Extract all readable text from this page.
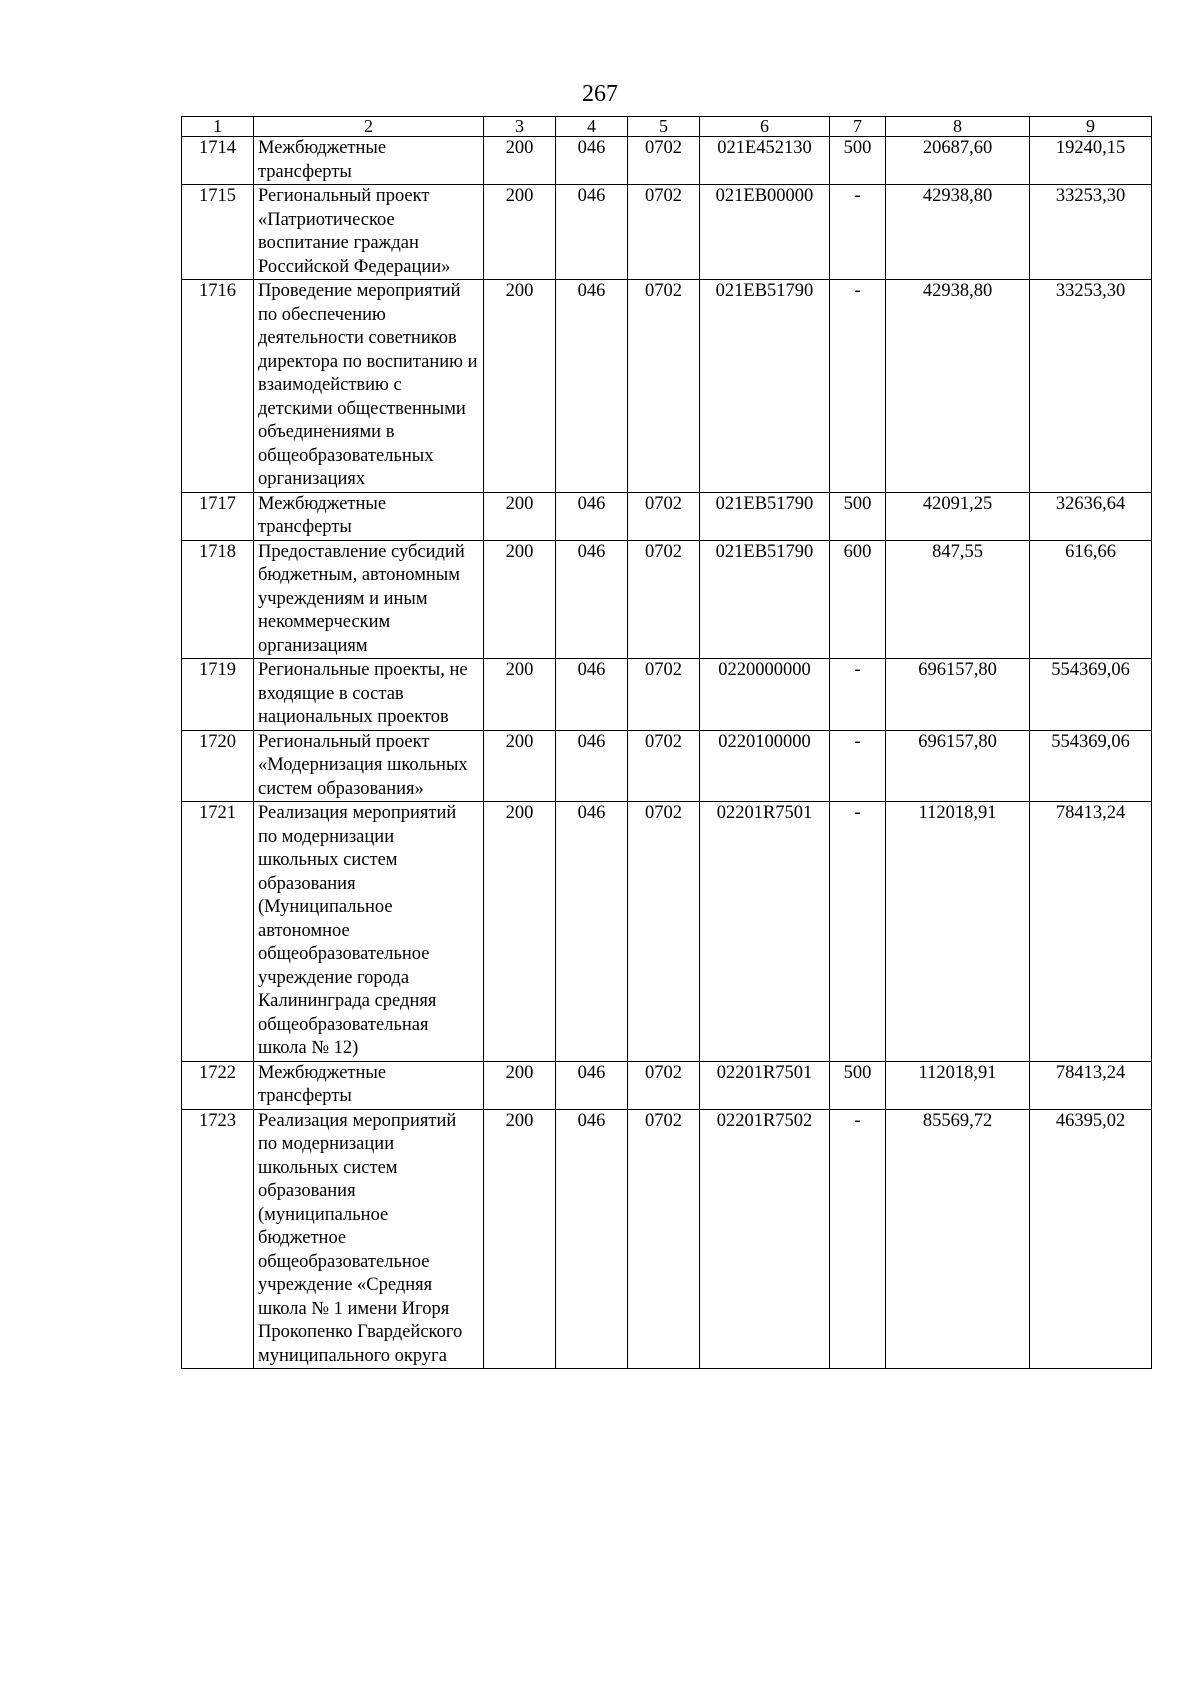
267
1	2	3	4	5	6	7	8	9
1714	Межбюджетные трансферты	200	046	0702	021E452130	500	20687,60	19240,15
1715	Региональный проект «Патриотическое воспитание граждан Российской Федерации»	200	046	0702	021EB00000	-	42938,80	33253,30
1716	Проведение мероприятий по обеспечению деятельности советников директора по воспитанию и взаимодействию с детскими общественными объединениями в общеобразовательных организациях	200	046	0702	021EB51790	-	42938,80	33253,30
1717	Межбюджетные трансферты	200	046	0702	021EB51790	500	42091,25	32636,64
1718	Предоставление субсидий бюджетным, автономным учреждениям и иным некоммерческим организациям	200	046	0702	021EB51790	600	847,55	616,66
1719	Региональные проекты, не входящие в состав национальных проектов	200	046	0702	0220000000	-	696157,80	554369,06
1720	Региональный проект «Модернизация школьных систем образования»	200	046	0702	0220100000	-	696157,80	554369,06
1721	Реализация мероприятий по модернизации школьных систем образования (Муниципальное автономное общеобразовательное учреждение города Калининграда средняя общеобразовательная школа № 12)	200	046	0702	02201R7501	-	112018,91	78413,24
1722	Межбюджетные трансферты	200	046	0702	02201R7501	500	112018,91	78413,24
1723	Реализация мероприятий по модернизации школьных систем образования (муниципальное бюджетное общеобразовательное учреждение «Средняя школа № 1 имени Игоря Прокопенко Гвардейского муниципального округа	200	046	0702	02201R7502	-	85569,72	46395,02
